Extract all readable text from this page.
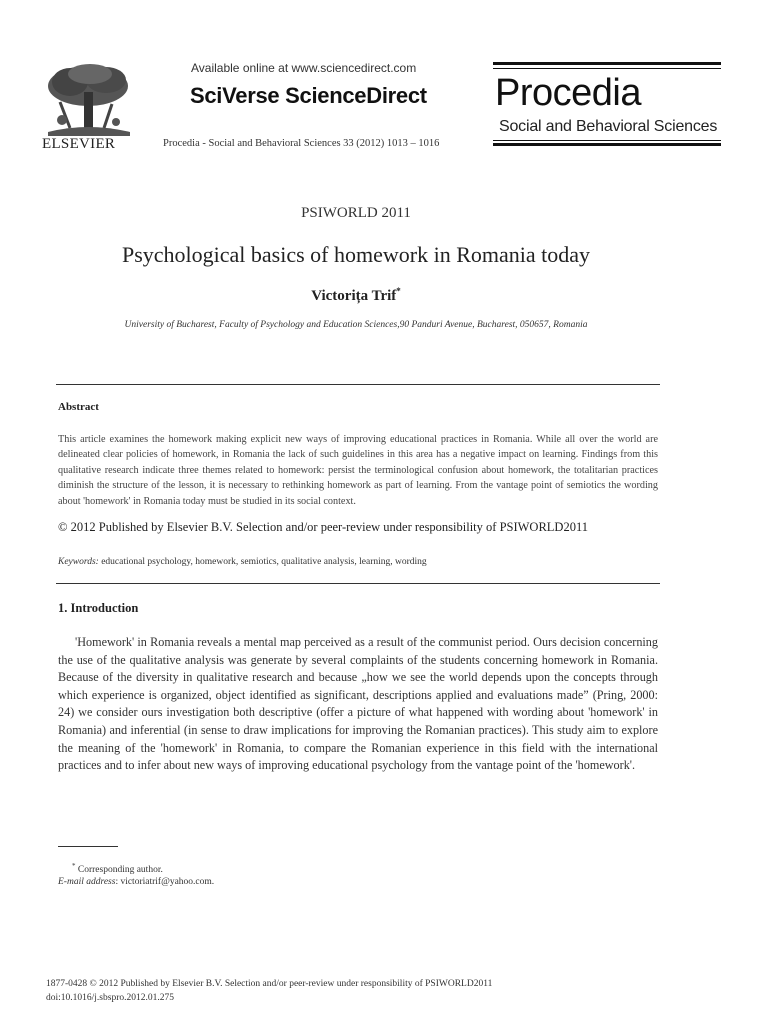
ELSEVIER
Available online at www.sciencedirect.com
SciVerse ScienceDirect
Procedia - Social and Behavioral Sciences 33 (2012) 1013 – 1016
Procedia
Social and Behavioral Sciences
PSIWORLD 2011
Psychological basics of homework in Romania today
Victorița Trif*
University of Bucharest, Faculty of Psychology and Education Sciences,90 Panduri Avenue, Bucharest, 050657, Romania
Abstract
This article examines the homework making explicit new ways of improving educational practices in Romania. While all over the world are delineated clear policies of homework, in Romania the lack of such guidelines in this area has a negative impact on learning. Findings from this qualitative research indicate three themes related to homework: persist the terminological confusion about homework, the totalitarian practices diminish the structure of the lesson, it is necessary to rethinking homework as part of learning. From the vantage point of semiotics the wording about 'homework' in Romania today must be studied in its social context.
© 2012 Published by Elsevier B.V. Selection and/or peer-review under responsibility of PSIWORLD2011
Keywords: educational psychology, homework, semiotics, qualitative analysis, learning, wording
1. Introduction
'Homework' in Romania reveals a mental map perceived as a result of the communist period. Ours decision concerning the use of the qualitative analysis was generate by several complaints of the students concerning homework in Romania. Because of the diversity in qualitative research and because „how we see the world depends upon the concepts through which experience is organized, object identified as significant, descriptions applied and evaluations made” (Pring, 2000: 24) we consider ours investigation both descriptive (offer a picture of what happened with wording about 'homework' in Romania) and inferential (in sense to draw implications for improving the Romanian practices). This study aim to explore the meaning of the 'homework' in Romania, to compare the Romanian experience in this field with the international practices and to infer about new ways of improving educational psychology from the vantage point of the 'homework'.
* Corresponding author.
E-mail address: victoriatrif@yahoo.com.
1877-0428 © 2012 Published by Elsevier B.V. Selection and/or peer-review under responsibility of PSIWORLD2011
doi:10.1016/j.sbspro.2012.01.275
